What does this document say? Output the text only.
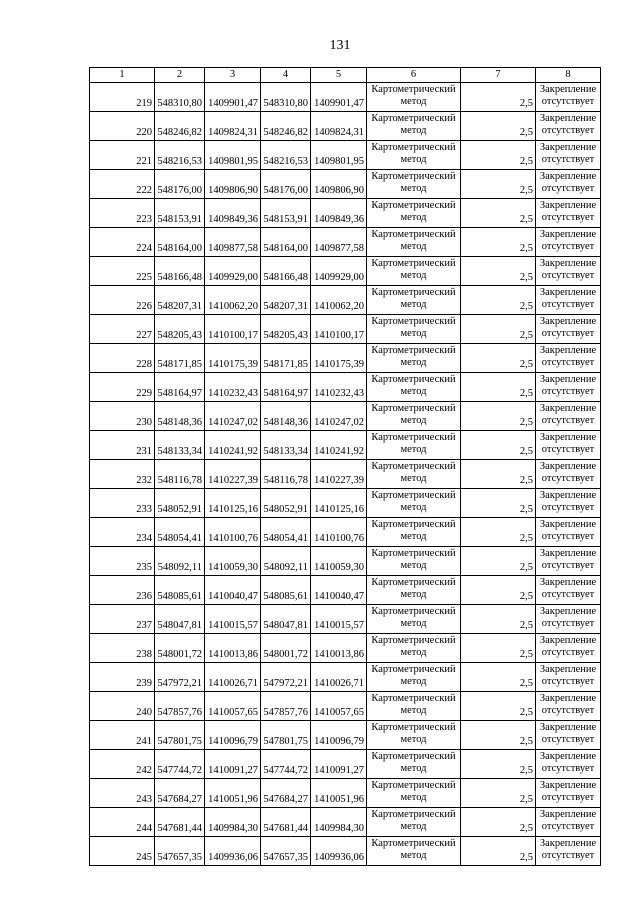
131
1	2	3	4	5	6	7	8
219	548310,80	1409901,47	548310,80	1409901,47	Картометрический метод	2,5	Закрепление отсутствует
220	548246,82	1409824,31	548246,82	1409824,31	Картометрический метод	2,5	Закрепление отсутствует
221	548216,53	1409801,95	548216,53	1409801,95	Картометрический метод	2,5	Закрепление отсутствует
222	548176,00	1409806,90	548176,00	1409806,90	Картометрический метод	2,5	Закрепление отсутствует
223	548153,91	1409849,36	548153,91	1409849,36	Картометрический метод	2,5	Закрепление отсутствует
224	548164,00	1409877,58	548164,00	1409877,58	Картометрический метод	2,5	Закрепление отсутствует
225	548166,48	1409929,00	548166,48	1409929,00	Картометрический метод	2,5	Закрепление отсутствует
226	548207,31	1410062,20	548207,31	1410062,20	Картометрический метод	2,5	Закрепление отсутствует
227	548205,43	1410100,17	548205,43	1410100,17	Картометрический метод	2,5	Закрепление отсутствует
228	548171,85	1410175,39	548171,85	1410175,39	Картометрический метод	2,5	Закрепление отсутствует
229	548164,97	1410232,43	548164,97	1410232,43	Картометрический метод	2,5	Закрепление отсутствует
230	548148,36	1410247,02	548148,36	1410247,02	Картометрический метод	2,5	Закрепление отсутствует
231	548133,34	1410241,92	548133,34	1410241,92	Картометрический метод	2,5	Закрепление отсутствует
232	548116,78	1410227,39	548116,78	1410227,39	Картометрический метод	2,5	Закрепление отсутствует
233	548052,91	1410125,16	548052,91	1410125,16	Картометрический метод	2,5	Закрепление отсутствует
234	548054,41	1410100,76	548054,41	1410100,76	Картометрический метод	2,5	Закрепление отсутствует
235	548092,11	1410059,30	548092,11	1410059,30	Картометрический метод	2,5	Закрепление отсутствует
236	548085,61	1410040,47	548085,61	1410040,47	Картометрический метод	2,5	Закрепление отсутствует
237	548047,81	1410015,57	548047,81	1410015,57	Картометрический метод	2,5	Закрепление отсутствует
238	548001,72	1410013,86	548001,72	1410013,86	Картометрический метод	2,5	Закрепление отсутствует
239	547972,21	1410026,71	547972,21	1410026,71	Картометрический метод	2,5	Закрепление отсутствует
240	547857,76	1410057,65	547857,76	1410057,65	Картометрический метод	2,5	Закрепление отсутствует
241	547801,75	1410096,79	547801,75	1410096,79	Картометрический метод	2,5	Закрепление отсутствует
242	547744,72	1410091,27	547744,72	1410091,27	Картометрический метод	2,5	Закрепление отсутствует
243	547684,27	1410051,96	547684,27	1410051,96	Картометрический метод	2,5	Закрепление отсутствует
244	547681,44	1409984,30	547681,44	1409984,30	Картометрический метод	2,5	Закрепление отсутствует
245	547657,35	1409936,06	547657,35	1409936,06	Картометрический метод	2,5	Закрепление отсутствует
